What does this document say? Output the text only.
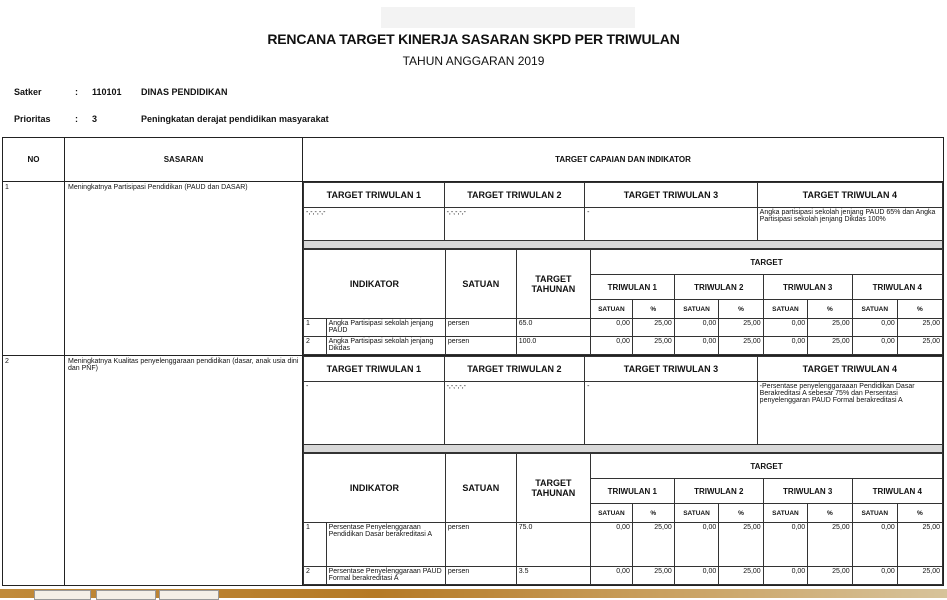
RENCANA TARGET KINERJA SASARAN SKPD PER TRIWULAN
TAHUN ANGGARAN 2019
Satker	: 110101 DINAS PENDIDIKAN
Prioritas	: 3	Peningkatan derajat pendidikan masyarakat
NO	SASARAN	TARGET CAPAIAN DAN INDIKATOR
1	Meningkatnya Partisipasi Pendidikan (PAUD dan DASAR)	
TARGET TRIWULAN 1	TARGET TRIWULAN 2	TARGET TRIWULAN 3	TARGET TRIWULAN 4
-,-,-,-,-	-,-,-,-,-	-	Angka partisipasi sekolah jenjang PAUD 65% dan Angka Partisipasi sekolah jenjang Dikdas 100%

INDIKATOR	SATUAN	TARGET TAHUNAN	TARGET
TRIWULAN 1	TRIWULAN 2	TRIWULAN 3	TRIWULAN 4
SATUAN	%	SATUAN	%	SATUAN	%	SATUAN	%
1	Angka Partisipasi sekolah jenjang PAUD	persen	65.0	0,00	25,00	0,00	25,00	0,00	25,00	0,00	25,00
2	Angka Partisipasi sekolah jenjang Dikdas	persen	100.0	0,00	25,00	0,00	25,00	0,00	25,00	0,00	25,00

2	Meningkatnya Kualitas penyelenggaraan pendidikan (dasar, anak usia dini dan PNF)		TARGET TRIWULAN 1	TARGET TRIWULAN 2	TARGET TRIWULAN 3	TARGET TRIWULAN 4
-	-,-,-,-,-	-	-Persentase penyelenggaraaan Pendidikan Dasar Berakreditasi A sebesar 75% dan Persentasi penyelenggaran PAUD Formal berakreditasi A

INDIKATOR	SATUAN	TARGET TAHUNAN	TARGET
TRIWULAN 1	TRIWULAN 2	TRIWULAN 3	TRIWULAN 4
SATUAN	%	SATUAN	%	SATUAN	%	SATUAN	%
1	Persentase Penyelenggaraan Pendidikan Dasar berakreditasi A	persen	75.0	0,00	25,00	0,00	25,00	0,00	25,00	0,00	25,00
2	Persentase Penyelenggaraan PAUD Formal berakreditasi A	persen	3.5	0,00	25,00	0,00	25,00	0,00	25,00	0,00	25,00
